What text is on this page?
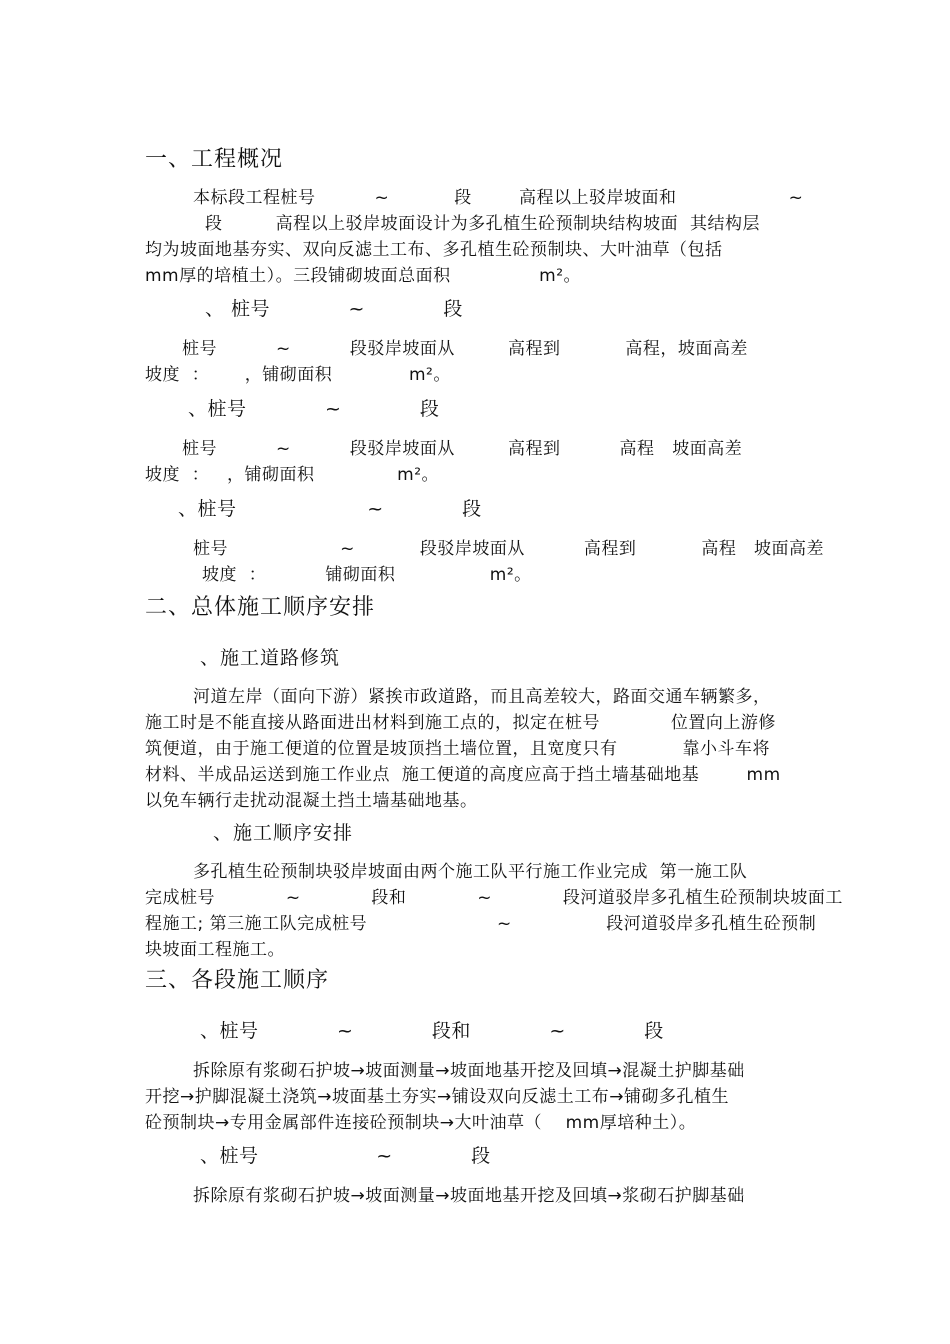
一、工程概况
本标段工程桩号          ~           段        高程以上驳岸坡面和                   ~
段         高程以上驳岸坡面设计为多孔植生砼预制块结构坡面  其结构层
均为坡面地基夯实、双向反滤土工布、多孔植生砼预制块、大叶油草（包括
mm厚的培植土）。三段铺砌坡面总面积               m²。
、 桩号            ~            段
桩号          ~          段驳岸坡面从         高程到           高程，坡面高差
坡度  ：      ，铺砌面积             m²。
、桩号            ~            段
桩号          ~          段驳岸坡面从         高程到          高程   坡面高差
坡度  ：   ，铺砌面积              m²。
、桩号                    ~            段
桩号                   ~           段驳岸坡面从          高程到           高程   坡面高差
坡度  ：          铺砌面积                m²。
二、总体施工顺序安排
、施工道路修筑
河道左岸（面向下游）紧挨市政道路，而且高差较大，路面交通车辆繁多，
施工时是不能直接从路面进出材料到施工点的，拟定在桩号            位置向上游修
筑便道，由于施工便道的位置是坡顶挡土墙位置，且宽度只有           靠小斗车将
材料、半成品运送到施工作业点  施工便道的高度应高于挡土墙基础地基        mm
以免车辆行走扰动混凝土挡土墙基础地基。
、施工顺序安排
多孔植生砼预制块驳岸坡面由两个施工队平行施工作业完成  第一施工队
完成桩号            ~            段和            ~            段河道驳岸多孔植生砼预制块坡面工
程施工; 第三施工队完成桩号                      ~                段河道驳岸多孔植生砼预制
块坡面工程施工。
三、各段施工顺序
、桩号            ~            段和            ~            段
拆除原有浆砌石护坡→坡面测量→坡面地基开挖及回填→混凝土护脚基础
开挖→护脚混凝土浇筑→坡面基土夯实→铺设双向反滤土工布→铺砌多孔植生
砼预制块→专用金属部件连接砼预制块→大叶油草（    mm厚培种土）。
、桩号                  ~            段
拆除原有浆砌石护坡→坡面测量→坡面地基开挖及回填→浆砌石护脚基础
